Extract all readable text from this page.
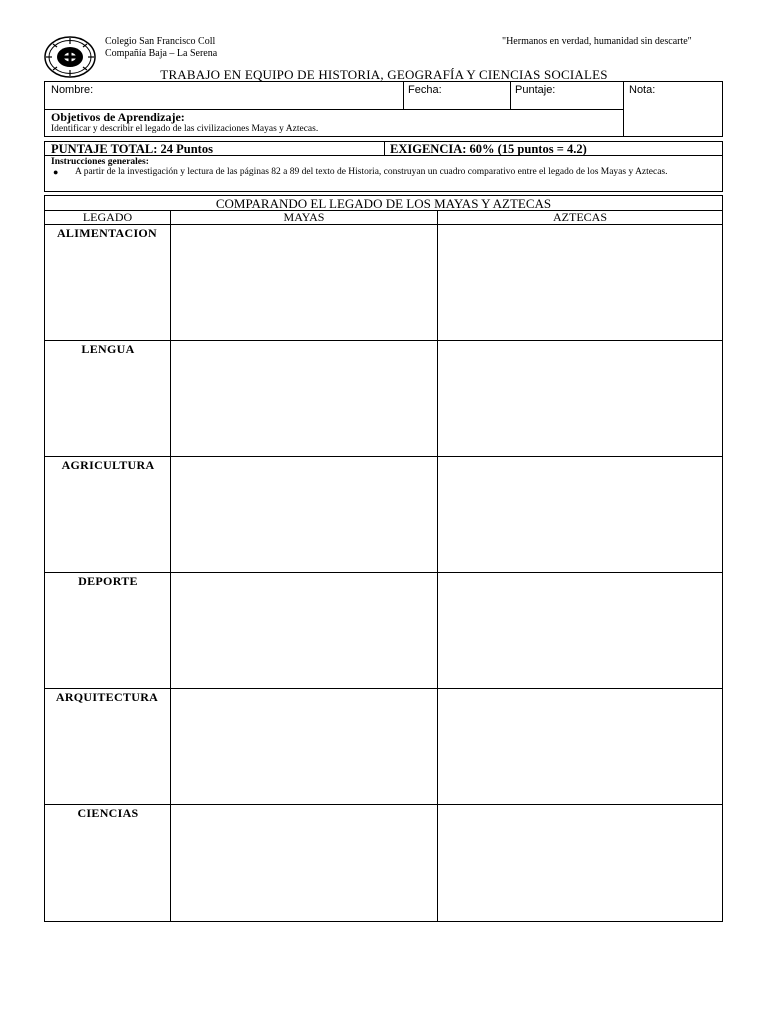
Colegio San Francisco Coll
Compañía Baja – La Serena
"Hermanos en verdad, humanidad sin descarte"
TRABAJO EN EQUIPO DE HISTORIA, GEOGRAFÍA Y CIENCIAS SOCIALES
Nombre:	Fecha:	Puntaje:	Nota:
Objetivos de Aprendizaje:
Identificar y describir el legado de las civilizaciones Mayas y Aztecas.
PUNTAJE TOTAL: 24 Puntos	EXIGENCIA: 60% (15 puntos = 4.2)
Instrucciones generales:
● A partir de la investigación y lectura de las páginas 82 a 89 del texto de Historia, construyan un cuadro comparativo entre el legado de los Mayas y Aztecas.
COMPARANDO EL LEGADO DE LOS MAYAS Y AZTECAS
LEGADO	MAYAS	AZTECAS
ALIMENTACION
LENGUA
AGRICULTURA
DEPORTE
ARQUITECTURA
CIENCIAS
